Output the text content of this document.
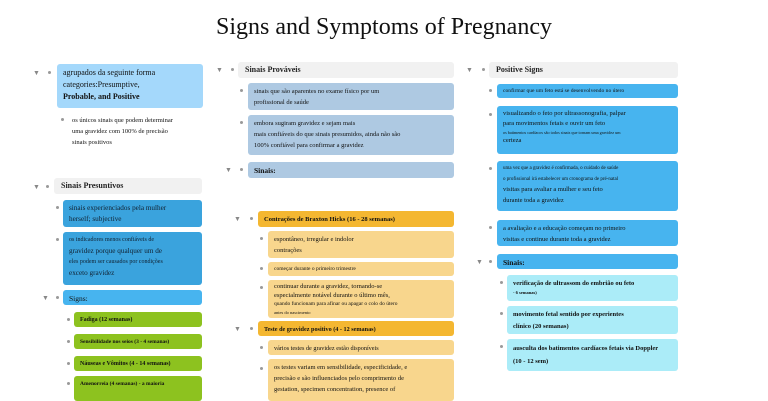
Signs and Symptoms of Pregnancy
▼	agrupados da seguinte forma
categories:Presumptive,
Probable, and Positive
os únicos sinais que podem determinar
uma gravidez com 100% de precisão
sinais positivos
▼	Sinais Presuntivos
sinais experienciados pela mulher
herself; subjective
os indicadores menos confiáveis de
gravidez porque qualquer um de
eles podem ser causados por condições
exceto gravidez
▼	Signs:
Fadiga (12 semanas)
Sensibilidade nos seios (3 - 4 semanas)
Náuseas e Vômitos (4 - 14 semanas)
Amenorreia (4 semanas) - a maioria
▼	Sinais Prováveis
sinais que são aparentes no exame físico por um
profissional de saúde
embora sugiram gravidez e sejam mais
mais confiáveis do que sinais presumidos, ainda não são
100% confiável para confirmar a gravidez
▼	Sinais:
▼	Contrações de Braxton Hicks (16 - 28 semanas)
espontâneo, irregular e indolor
contrações
começar durante o primeiro trimestre
continuar durante a gravidez, tornando-se
especialmente notável durante o último mês,
quando funcionam para afinar ou apagar o colo do útero
antes do nascimento
▼	Teste de gravidez positivo (4 - 12 semanas)
vários testes de gravidez estão disponíveis
os testes variam em sensibilidade, especificidade, e
precisão e são influenciados pelo comprimento de
gestation, specimen concentration, presence of
▼	Positive Signs
confirmar que um feto está se desenvolvendo no útero
visualizando o feto por ultrassonografia, palpar
para movimentos fetais e ouvir um feto
os batimentos cardíacos são todos sinais que tornam uma gravidez um
certeza
uma vez que a gravidez é confirmada, o cuidado de saúde
o profissional irá estabelecer um cronograma de pré-natal
visitas para avaliar a mulher e seu feto
durante toda a gravidez
a avaliação e a educação começam no primeiro
visitas e continue durante toda a gravidez
▼	Sinais:
verificação de ultrassom do embrião ou feto
- 6 semanas)
movimento fetal sentido por experientes
clínico (20 semanas)
ausculta dos batimentos cardíacos fetais via Doppler
(10 - 12 sem)
